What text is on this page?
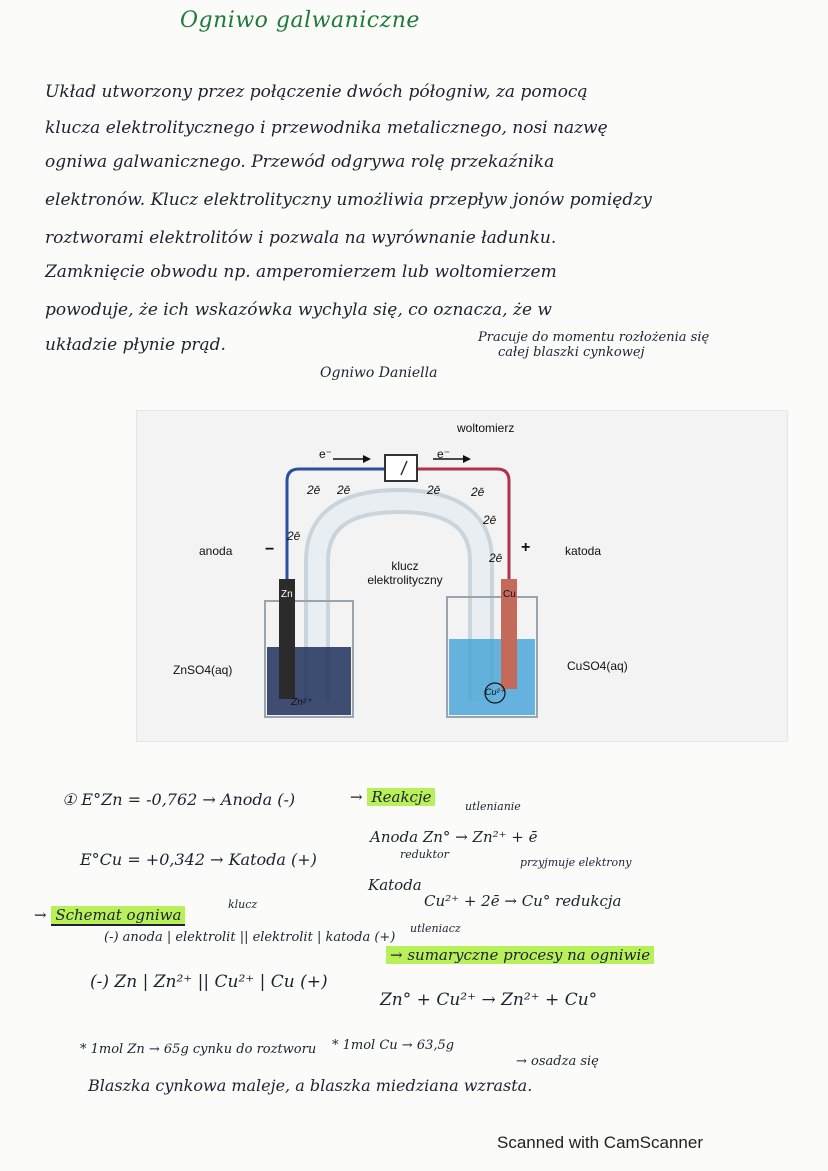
Ogniwo galwaniczne
Układ utworzony przez połączenie dwóch półogniw, za pomocą
klucza elektrolitycznego i przewodnika metalicznego, nosi nazwę
ogniwa galwanicznego. Przewód odgrywa rolę przekaźnika
elektronów. Klucz elektrolityczny umożliwia przepływ jonów pomiędzy
roztworami elektrolitów i pozwala na wyrównanie ładunku.
Zamknięcie obwodu np. amperomierzem lub woltomierzem
powoduje, że ich wskazówka wychyla się, co oznacza, że w
układzie płynie prąd.	Pracuje do momentu rozłożenia się
całej blaszki cynkowej
Ogniwo Daniella
woltomierz
e⁻	e⁻
2ē 2ē	2ē	2ē
2ē
2ē
2ē
klucz elektrolityczny
anoda −	+	katoda
Zn	Cu
ZnSO4(aq)	CuSO4(aq)
Zn²⁺
Cu²⁺
① E°Zn = -0,762 → Anoda (-)
E°Cu = +0,342 → Katoda (+)
→ Reakcje
utlenianie
Anoda Zn° → Zn²⁺ + ē
reduktor
przyjmuje elektrony
Katoda
Cu²⁺ + 2ē → Cu° redukcja
utleniacz
→ Schemat ogniwa
klucz
(-) anoda | elektrolit || elektrolit | katoda (+)
(-) Zn | Zn²⁺ || Cu²⁺ | Cu (+)
→ sumaryczne procesy na ogniwie
Zn° + Cu²⁺ → Zn²⁺ + Cu°
* 1mol Zn → 65g cynku do roztworu * 1mol Cu → 63,5g
→ osadza się
Blaszka cynkowa maleje, a blaszka miedziana wzrasta.
Scanned with CamScanner
